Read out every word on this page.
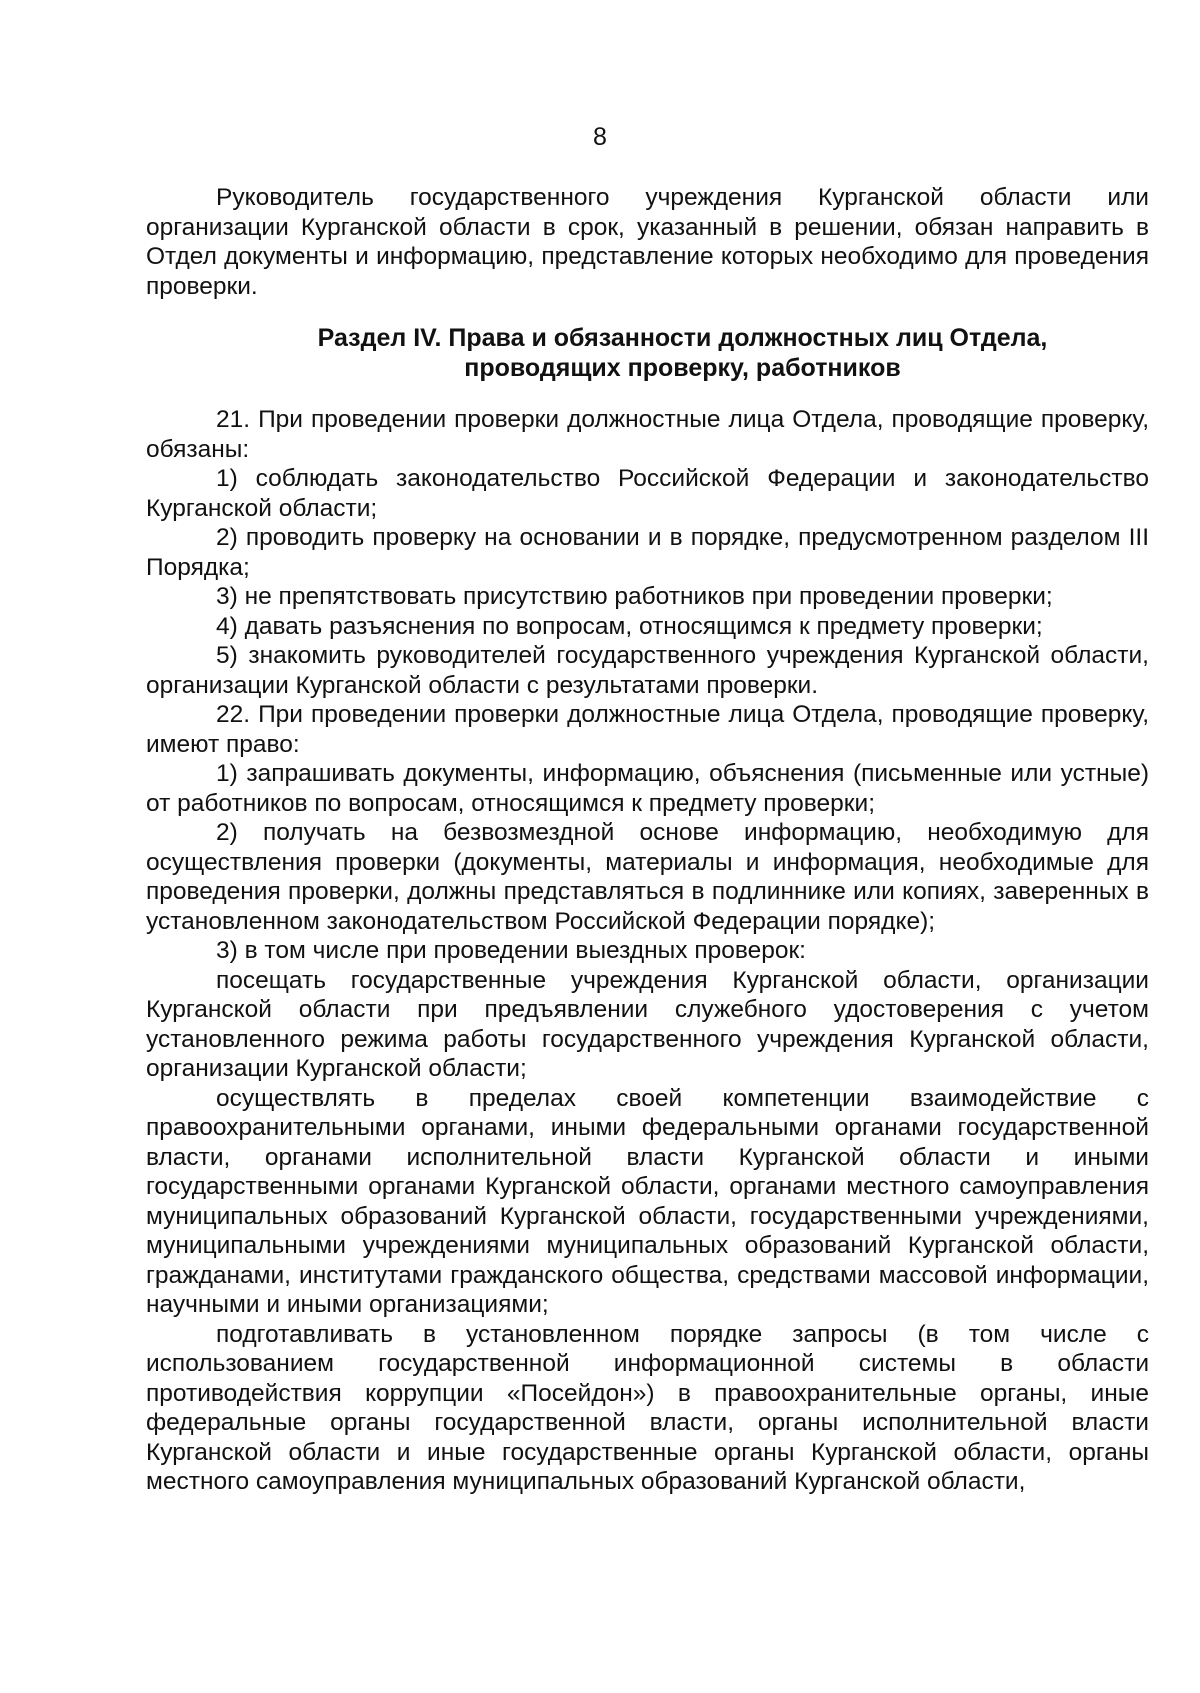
8

Руководитель государственного учреждения Курганской области или организации Курганской области в срок, указанный в решении, обязан направить в Отдел документы и информацию, представление которых необходимо для проведения проверки.

Раздел IV. Права и обязанности должностных лиц Отдела,
проводящих проверку, работников

21. При проведении проверки должностные лица Отдела, проводящие проверку, обязаны:

1) соблюдать законодательство Российской Федерации и законодательство Курганской области;

2) проводить проверку на основании и в порядке, предусмотренном разделом III Порядка;

3) не препятствовать присутствию работников при проведении проверки;

4) давать разъяснения по вопросам, относящимся к предмету проверки;

5) знакомить руководителей государственного учреждения Курганской области, организации Курганской области с результатами проверки.

22. При проведении проверки должностные лица Отдела, проводящие проверку, имеют право:

1) запрашивать документы, информацию, объяснения (письменные или устные) от работников по вопросам, относящимся к предмету проверки;

2) получать на безвозмездной основе информацию, необходимую для осуществления проверки (документы, материалы и информация, необходимые для проведения проверки, должны представляться в подлиннике или копиях, заверенных в установленном законодательством Российской Федерации порядке);

3) в том числе при проведении выездных проверок:

посещать государственные учреждения Курганской области, организации Курганской области при предъявлении служебного удостоверения с учетом установленного режима работы государственного учреждения Курганской области, организации Курганской области;

осуществлять в пределах своей компетенции взаимодействие с правоохранительными органами, иными федеральными органами государственной власти, органами исполнительной власти Курганской области и иными государственными органами Курганской области, органами местного самоуправления муниципальных образований Курганской области, государственными учреждениями, муниципальными учреждениями муниципальных образований Курганской области, гражданами, институтами гражданского общества, средствами массовой информации, научными и иными организациями;

подготавливать в установленном порядке запросы (в том числе с использованием государственной информационной системы в области противодействия коррупции «Посейдон») в правоохранительные органы, иные федеральные органы государственной власти, органы исполнительной власти Курганской области и иные государственные органы Курганской области, органы местного самоуправления муниципальных образований Курганской области,
